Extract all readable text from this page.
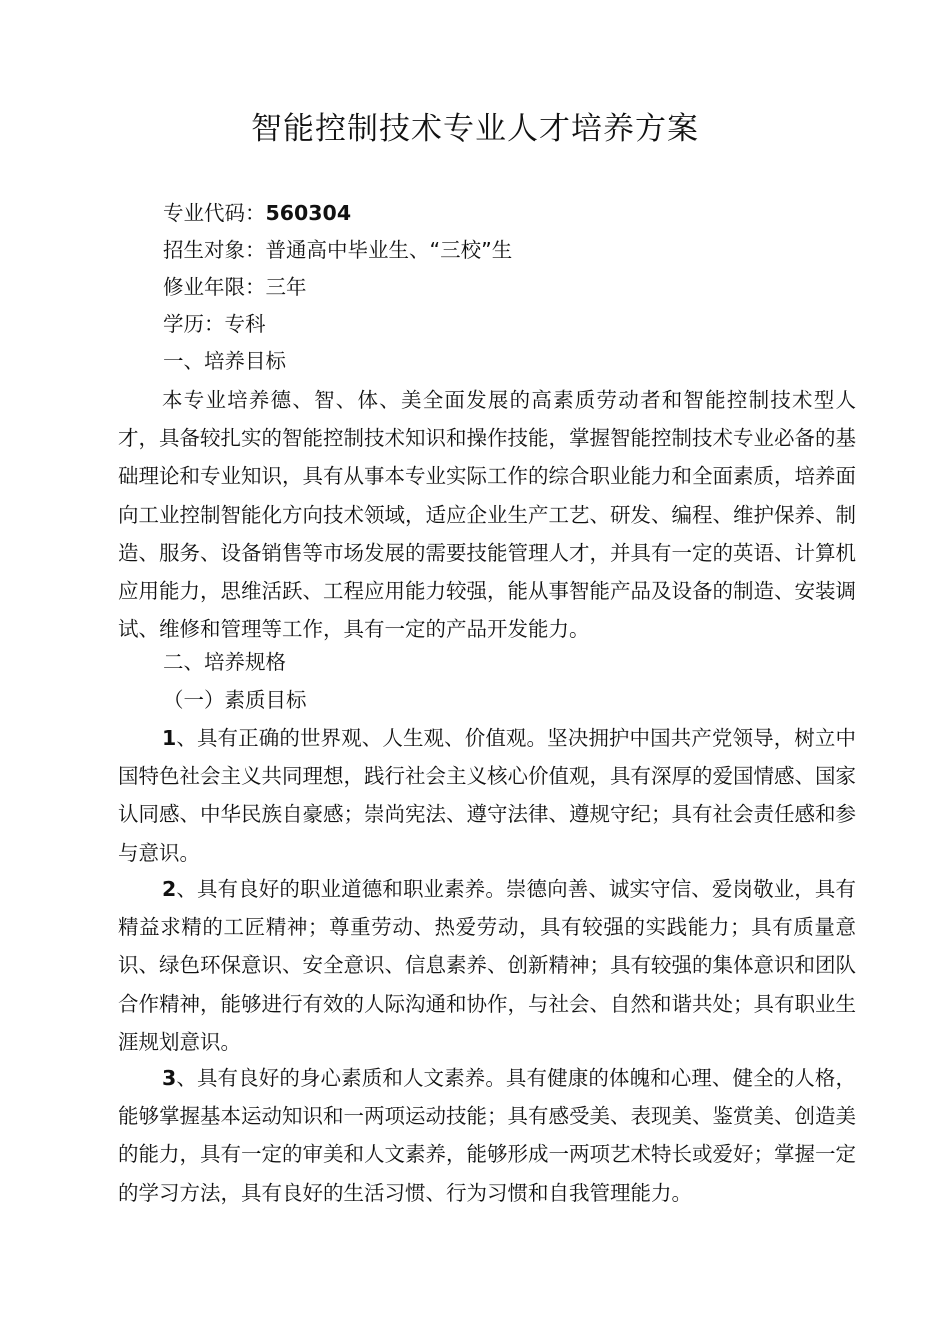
智能控制技术专业人才培养方案
专业代码：560304
招生对象：普通高中毕业生、“三校”生
修业年限：三年
学历：专科
一、培养目标
本专业培养德、智、体、美全面发展的高素质劳动者和智能控制技术型人才，具备较扎实的智能控制技术知识和操作技能，掌握智能控制技术专业必备的基础理论和专业知识，具有从事本专业实际工作的综合职业能力和全面素质，培养面向工业控制智能化方向技术领域，适应企业生产工艺、研发、编程、维护保养、制造、服务、设备销售等市场发展的需要技能管理人才，并具有一定的英语、计算机应用能力，思维活跃、工程应用能力较强，能从事智能产品及设备的制造、安装调试、维修和管理等工作，具有一定的产品开发能力。
二、培养规格
（一）素质目标
1、具有正确的世界观、人生观、价值观。坚决拥护中国共产党领导，树立中国特色社会主义共同理想，践行社会主义核心价值观，具有深厚的爱国情感、国家认同感、中华民族自豪感；崇尚宪法、遵守法律、遵规守纪；具有社会责任感和参与意识。
2、具有良好的职业道德和职业素养。崇德向善、诚实守信、爱岗敬业，具有精益求精的工匠精神；尊重劳动、热爱劳动，具有较强的实践能力；具有质量意识、绿色环保意识、安全意识、信息素养、创新精神；具有较强的集体意识和团队合作精神，能够进行有效的人际沟通和协作，与社会、自然和谐共处；具有职业生涯规划意识。
3、具有良好的身心素质和人文素养。具有健康的体魄和心理、健全的人格，能够掌握基本运动知识和一两项运动技能；具有感受美、表现美、鉴赏美、创造美的能力，具有一定的审美和人文素养，能够形成一两项艺术特长或爱好；掌握一定的学习方法，具有良好的生活习惯、行为习惯和自我管理能力。
